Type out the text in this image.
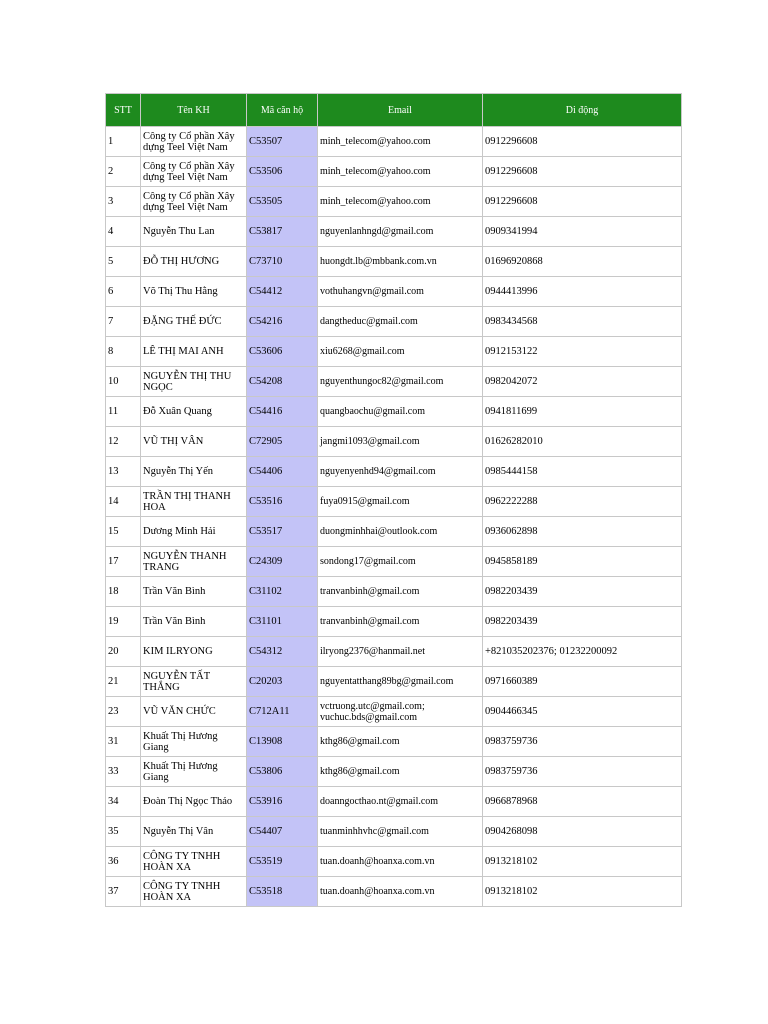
STT	Tên KH	Mã căn hộ	Email	Di động
1	Công ty Cổ phần Xây dựng Teel Việt Nam	C53507	minh_telecom@yahoo.com	0912296608
2	Công ty Cổ phần Xây dựng Teel Việt Nam	C53506	minh_telecom@yahoo.com	0912296608
3	Công ty Cổ phần Xây dựng Teel Việt Nam	C53505	minh_telecom@yahoo.com	0912296608
4	Nguyễn Thu Lan	C53817	nguyenlanhngd@gmail.com	0909341994
5	ĐỖ THỊ HƯƠNG	C73710	huongdt.lb@mbbank.com.vn	01696920868
6	Võ Thị Thu Hằng	C54412	vothuhangvn@gmail.com	0944413996
7	ĐẶNG THẾ ĐỨC	C54216	dangtheduc@gmail.com	0983434568
8	LÊ THỊ MAI ANH	C53606	xiu6268@gmail.com	0912153122
10	NGUYỄN THỊ THU NGỌC	C54208	nguyenthungoc82@gmail.com	0982042072
11	Đỗ Xuân Quang	C54416	quangbaochu@gmail.com	0941811699
12	VŨ THỊ VÂN	C72905	jangmi1093@gmail.com	01626282010
13	Nguyễn Thị Yến	C54406	nguyenyenhd94@gmail.com	0985444158
14	TRẦN THỊ THANH HOA	C53516	fuya0915@gmail.com	0962222288
15	Dương Minh Hải	C53517	duongminhhai@outlook.com	0936062898
17	NGUYỄN THANH TRANG	C24309	sondong17@gmail.com	0945858189
18	Trần Văn Bình	C31102	tranvanbinh@gmail.com	0982203439
19	Trần Văn Bình	C31101	tranvanbinh@gmail.com	0982203439
20	KIM ILRYONG	C54312	ilryong2376@hanmail.net	+821035202376; 01232200092
21	NGUYỄN TẤT THẮNG	C20203	nguyentatthang89bg@gmail.com	0971660389
23	VŨ VĂN CHỨC	C712A11	vctruong.utc@gmail.com; vuchuc.bds@gmail.com	0904466345
31	Khuất Thị Hương Giang	C13908	kthg86@gmail.com	0983759736
33	Khuất Thị Hương Giang	C53806	kthg86@gmail.com	0983759736
34	Đoàn Thị Ngọc Thảo	C53916	doanngocthao.nt@gmail.com	0966878968
35	Nguyễn Thị Vân	C54407	tuanminhhvhc@gmail.com	0904268098
36	CÔNG TY TNHH HOÀN XA	C53519	tuan.doanh@hoanxa.com.vn	0913218102
37	CÔNG TY TNHH HOÀN XA	C53518	tuan.doanh@hoanxa.com.vn	0913218102
